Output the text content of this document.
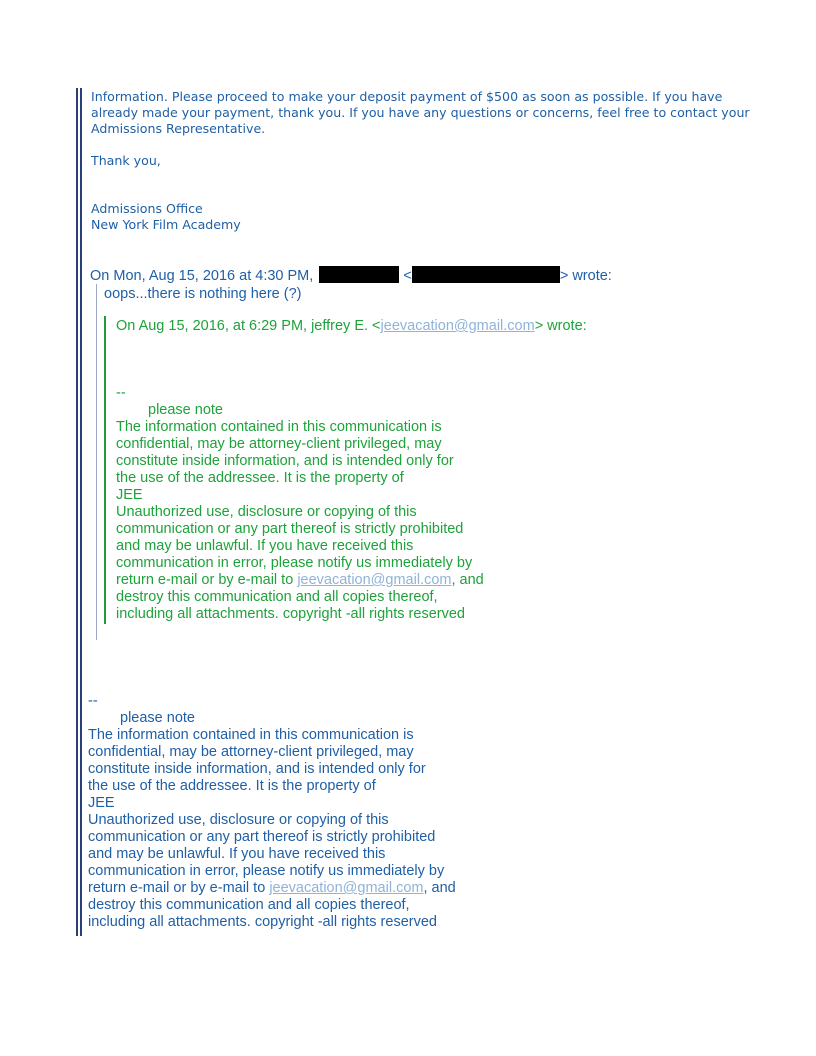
Information. Please proceed to make your deposit payment of $500 as soon as possible. If you have already made your payment, thank you. If you have any questions or concerns, feel free to contact your Admissions Representative.

Thank you,

Admissions Office

New York Film Academy

On Mon, Aug 15, 2016 at 4:30 PM,	<	> wrote:
oops...there is nothing here (?)
On Aug 15, 2016, at 6:29 PM, jeffrey E. <jeevacation@gmail.com> wrote:
--
please note
The information contained in this communication is
confidential, may be attorney-client privileged, may
constitute inside information, and is intended only for
the use of the addressee. It is the property of
JEE
Unauthorized use, disclosure or copying of this
communication or any part thereof is strictly prohibited
and may be unlawful. If you have received this
communication in error, please notify us immediately by
return e-mail or by e-mail to jeevacation@gmail.com, and
destroy this communication and all copies thereof,
including all attachments. copyright -all rights reserved
--
please note
The information contained in this communication is
confidential, may be attorney-client privileged, may
constitute inside information, and is intended only for
the use of the addressee. It is the property of
JEE
Unauthorized use, disclosure or copying of this
communication or any part thereof is strictly prohibited
and may be unlawful. If you have received this
communication in error, please notify us immediately by
return e-mail or by e-mail to jeevacation@gmail.com, and
destroy this communication and all copies thereof,
including all attachments. copyright -all rights reserved
